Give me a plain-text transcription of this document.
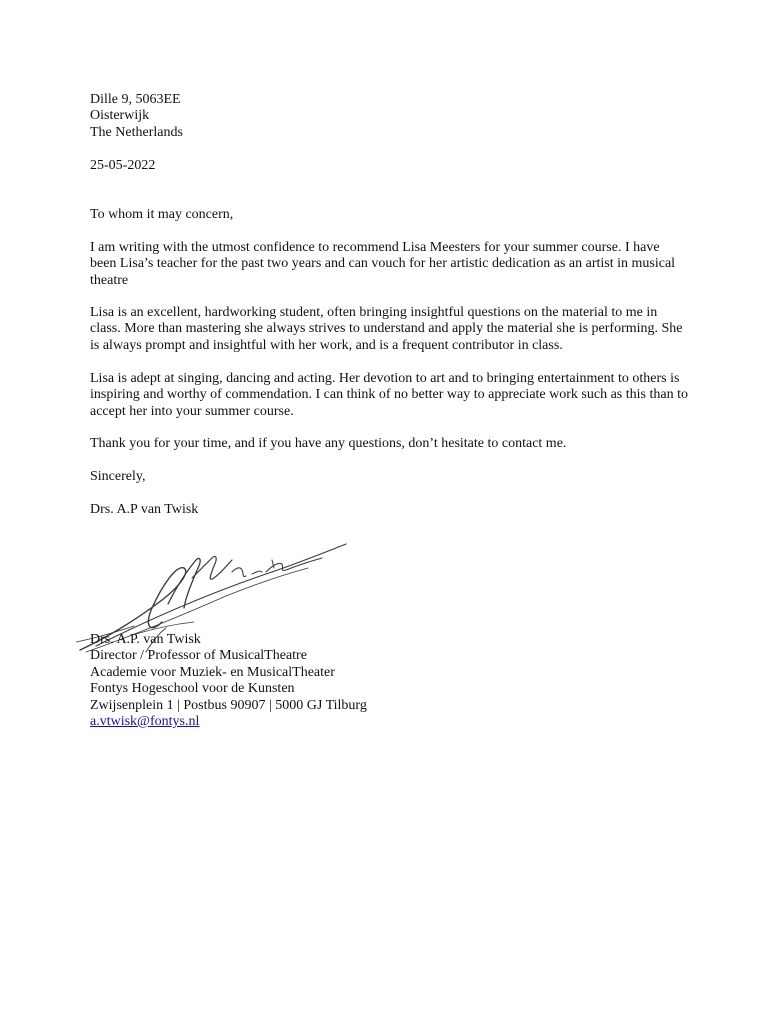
Dille 9, 5063EE
Oisterwijk
The Netherlands
25-05-2022
To whom it may concern,
I am writing with the utmost confidence to recommend Lisa Meesters for your summer course. I have been Lisa’s teacher for the past two years and can vouch for her artistic dedication as an artist in musical theatre
Lisa is an excellent, hardworking student, often bringing insightful questions on the material to me in class. More than mastering she always strives to understand and apply the material she is performing. She is always prompt and insightful with her work, and is a frequent contributor in class.
Lisa is adept at singing, dancing and acting. Her devotion to art and to bringing entertainment to others is inspiring and worthy of commendation. I can think of no better way to appreciate work such as this than to accept her into your summer course.
Thank you for your time, and if you have any questions, don’t hesitate to contact me.
Sincerely,
Drs. A.P van Twisk
Drs. A.P. van Twisk
Director / Professor of MusicalTheatre
Academie voor Muziek- en MusicalTheater
Fontys Hogeschool voor de Kunsten
Zwijsenplein 1 | Postbus 90907 | 5000 GJ Tilburg
a.vtwisk@fontys.nl
